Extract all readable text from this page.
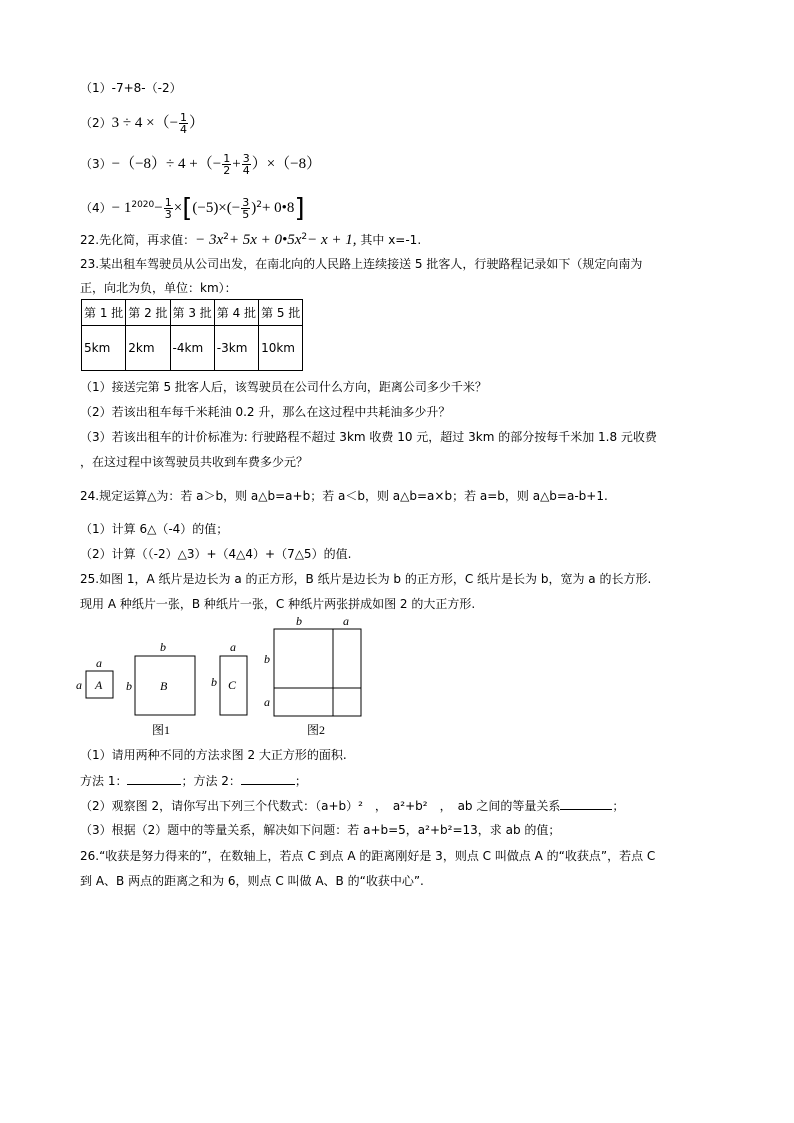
（1）-7+8-（-2）
（2）3 ÷ 4 ×（− $\frac{1}{4}$ ）
（3）−（−8）÷ 4 +（− $\frac{1}{2} + \frac{3}{4} )\times(-8)$
$(4)- 1^{2020}- \frac{1}{3} \times[(-5)\times(- \frac{3}{5} )^2+$ 0•8]
22.先化简，再求值：− $3x^2+ 5x$ + $0•5x^2- x + 1$, 其中 x=-1.
23.某出租车驾驶员从公司出发，在南北向的人民路上连续接送 5 批客人，行驶路程记录如下（规定向南为
正，向北为负，单位：km）：
第 1 批	第 2 批	第 3 批	第 4 批	第 5 批
5km	2km	-4km	-3km	10km
（1）接送完第 5 批客人后，该驾驶员在公司什么方向，距离公司多少千米？
（2）若该出租车每千米耗油 0.2 升，那么在这过程中共耗油多少升？
（3）若该出租车的计价标准为: 行驶路程不超过 3km 收费 10 元，超过 3km 的部分按每千米加 1.8 元收费
，在这过程中该驾驶员共收到车费多少元？
24.规定运算△为：若 a＞b，则 a△b=a+b；若 a＜b，则 a△b=a×b；若 a=b，则 a△b=a-b+1.
（1）计算 6△（-4）的值；
（2）计算（（-2）△3）+（4△4）+（7△5）的值.
25.如图 1，A 纸片是边长为 a 的正方形，B 纸片是边长为 b 的正方形，C 纸片是长为 b，宽为 a 的长方形.
现用 A 种纸片一张，B 种纸片一张，C 种纸片两张拼成如图 2 的大正方形.
a
a A
b
b B
a
b C
b	a
b
a
图1	图2
（1）请用两种不同的方法求图 2 大正方形的面积.
方法 1：	；方法 2：	；
（2）观察图 2，请你写出下列三个代数式：（a+b）²　，　a²+b²　，　ab 之间的等量关系	；
（3）根据（2）题中的等量关系，解决如下问题：若 a+b=5，a²+b²=13，求 ab 的值；
26.“收获是努力得来的”，在数轴上，若点 C 到点 A 的距离刚好是 3，则点 C 叫做点 A 的“收获点”，若点 C
到 A、B 两点的距离之和为 6，则点 C 叫做 A、B 的“收获中心”.
